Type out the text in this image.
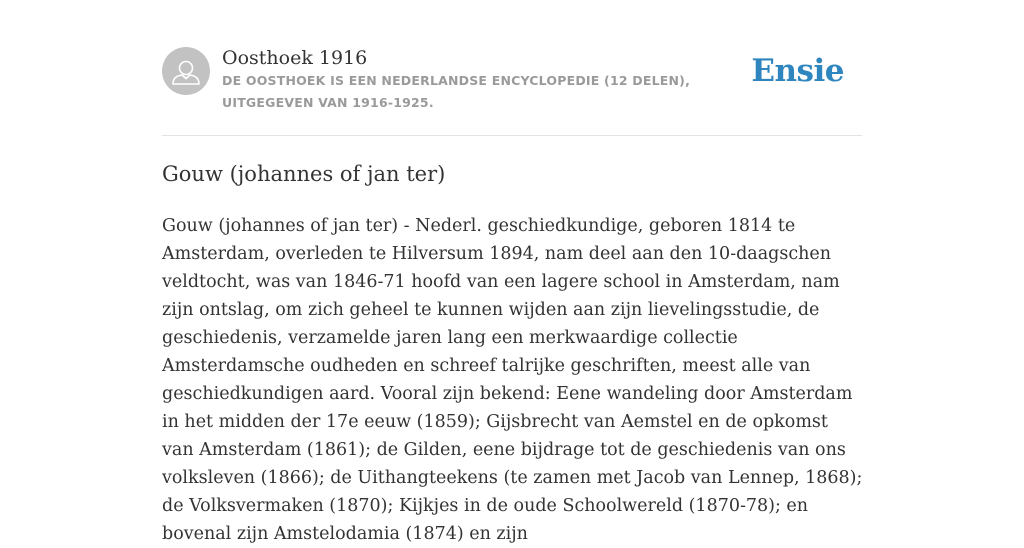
Oosthoek 1916

DE OOSTHOEK IS EEN NEDERLANDSE ENCYCLOPEDIE (12 DELEN), UITGEGEVEN VAN 1916-1925.

Ensie
Gouw (johannes of jan ter)

Gouw (johannes of jan ter) - Nederl. geschiedkundige, geboren 1814 te Amsterdam, overleden te Hilversum 1894, nam deel aan den 10-daagschen veldtocht, was van 1846-71 hoofd van een lagere school in Amsterdam, nam zijn ontslag, om zich geheel te kunnen wijden aan zijn lievelingsstudie, de geschiedenis, verzamelde jaren lang een merkwaardige collectie Amsterdamsche oudheden en schreef talrijke geschriften, meest alle van geschiedkundigen aard. Vooral zijn bekend: Eene wandeling door Amsterdam in het midden der 17e eeuw (1859); Gijsbrecht van Aemstel en de opkomst van Amsterdam (1861); de Gilden, eene bijdrage tot de geschiedenis van ons volksleven (1866); de Uithangteekens (te zamen met Jacob van Lennep, 1868); de Volksvermaken (1870); Kijkjes in de oude Schoolwereld (1870-78); en bovenal zijn Amstelodamia (1874) en zijn
